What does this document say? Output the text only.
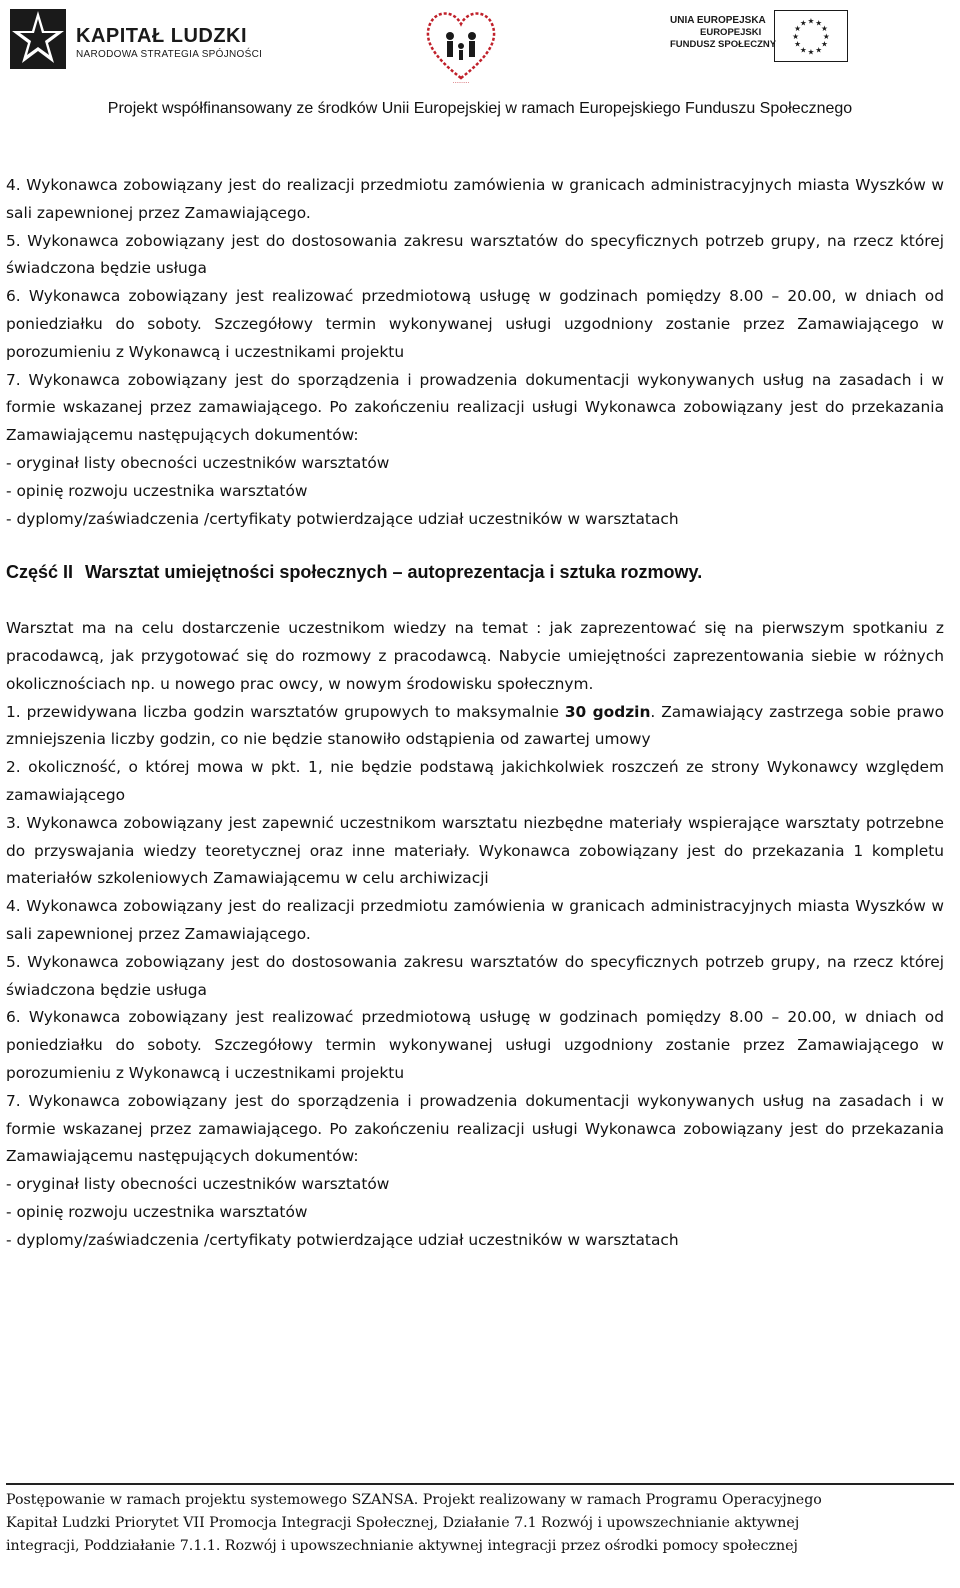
KAPITAŁ LUDZKI
NARODOWA STRATEGIA SPÓJNOŚCI
·········
UNIA EUROPEJSKA
EUROPEJSKI
FUNDUSZ SPOŁECZNY
★ ★
★
★
★
★
★
★
★
★
★
★
Projekt współfinansowany ze środków Unii Europejskiej w ramach Europejskiego Funduszu Społecznego

4. Wykonawca zobowiązany jest do realizacji przedmiotu zamówienia w granicach administracyjnych miasta Wyszków w sali zapewnionej przez Zamawiającego.

5. Wykonawca zobowiązany jest do dostosowania zakresu warsztatów do specyficznych potrzeb grupy, na rzecz której świadczona będzie usługa

6. Wykonawca zobowiązany jest realizować przedmiotową usługę w godzinach pomiędzy 8.00 – 20.00, w dniach od poniedziałku do soboty. Szczegółowy termin wykonywanej usługi uzgodniony zostanie przez Zamawiającego w porozumieniu z Wykonawcą i uczestnikami projektu

7. Wykonawca zobowiązany jest do sporządzenia i prowadzenia dokumentacji wykonywanych usług na zasadach i w formie wskazanej przez zamawiającego. Po zakończeniu realizacji usługi Wykonawca zobowiązany jest do przekazania Zamawiającemu następujących dokumentów:

- oryginał listy obecności uczestników warsztatów

- opinię rozwoju uczestnika warsztatów

- dyplomy/zaświadczenia /certyfikaty potwierdzające udział uczestników w warsztatach

Część II Warsztat umiejętności społecznych – autoprezentacja i sztuka rozmowy.

Warsztat ma na celu dostarczenie uczestnikom wiedzy na temat : jak zaprezentować się na pierwszym spotkaniu z pracodawcą, jak przygotować się do rozmowy z pracodawcą. Nabycie umiejętności zaprezentowania siebie w różnych okolicznościach np. u nowego prac owcy, w nowym środowisku społecznym.

1. przewidywana liczba godzin warsztatów grupowych to maksymalnie 30 godzin. Zamawiający zastrzega sobie prawo zmniejszenia liczby godzin, co nie będzie stanowiło odstąpienia od zawartej umowy

2. okoliczność, o której mowa w pkt. 1, nie będzie podstawą jakichkolwiek roszczeń ze strony Wykonawcy względem zamawiającego

3. Wykonawca zobowiązany jest zapewnić uczestnikom warsztatu niezbędne materiały wspierające warsztaty potrzebne do przyswajania wiedzy teoretycznej oraz inne materiały. Wykonawca zobowiązany jest do przekazania 1 kompletu materiałów szkoleniowych Zamawiającemu w celu archiwizacji

4. Wykonawca zobowiązany jest do realizacji przedmiotu zamówienia w granicach administracyjnych miasta Wyszków w sali zapewnionej przez Zamawiającego.

5. Wykonawca zobowiązany jest do dostosowania zakresu warsztatów do specyficznych potrzeb grupy, na rzecz której świadczona będzie usługa

6. Wykonawca zobowiązany jest realizować przedmiotową usługę w godzinach pomiędzy 8.00 – 20.00, w dniach od poniedziałku do soboty. Szczegółowy termin wykonywanej usługi uzgodniony zostanie przez Zamawiającego w porozumieniu z Wykonawcą i uczestnikami projektu

7. Wykonawca zobowiązany jest do sporządzenia i prowadzenia dokumentacji wykonywanych usług na zasadach i w formie wskazanej przez zamawiającego. Po zakończeniu realizacji usługi Wykonawca zobowiązany jest do przekazania Zamawiającemu następujących dokumentów:

- oryginał listy obecności uczestników warsztatów

- opinię rozwoju uczestnika warsztatów

- dyplomy/zaświadczenia /certyfikaty potwierdzające udział uczestników w warsztatach

Postępowanie w ramach projektu systemowego SZANSA. Projekt realizowany w ramach Programu Operacyjnego
Kapitał Ludzki Priorytet VII Promocja Integracji Społecznej, Działanie 7.1 Rozwój i upowszechnianie aktywnej
integracji, Poddziałanie 7.1.1. Rozwój i upowszechnianie aktywnej integracji przez ośrodki pomocy społecznej
